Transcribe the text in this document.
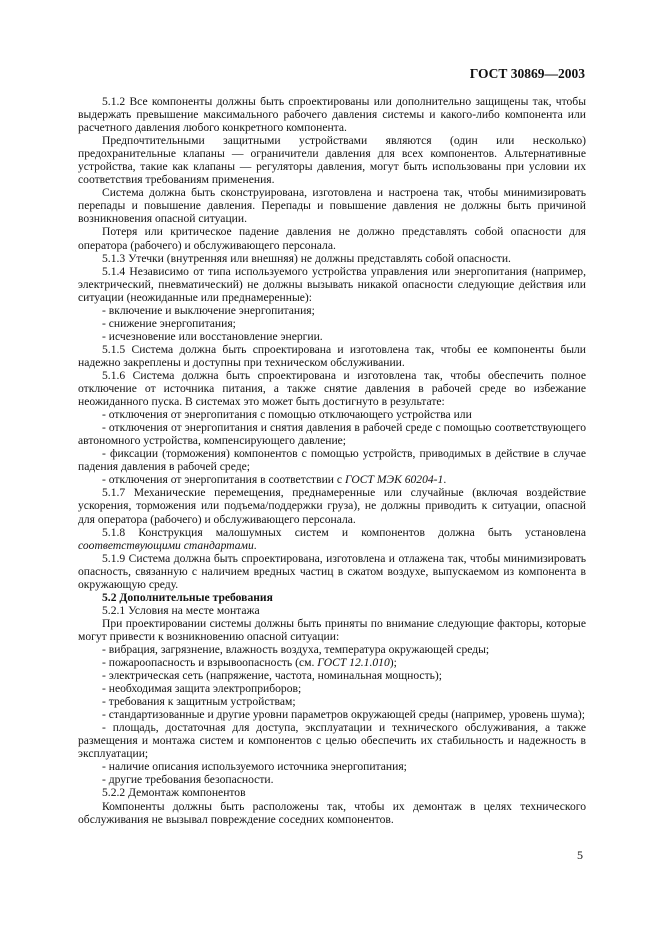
ГОСТ 30869—2003

5.1.2 Все компоненты должны быть спроектированы или дополнительно защищены так, чтобы выдержать превышение максимального рабочего давления системы и какого-либо компонента или расчетного давления любого конкретного компонента.

Предпочтительными защитными устройствами являются (один или несколько) предохранительные клапаны — ограничители давления для всех компонентов. Альтернативные устройства, такие как клапаны — регуляторы давления, могут быть использованы при условии их соответствия требованиям применения.

Система должна быть сконструирована, изготовлена и настроена так, чтобы минимизировать перепады и повышение давления. Перепады и повышение давления не должны быть причиной возникновения опасной ситуации.

Потеря или критическое падение давления не должно представлять собой опасности для оператора (рабочего) и обслуживающего персонала.

5.1.3 Утечки (внутренняя или внешняя) не должны представлять собой опасности.

5.1.4 Независимо от типа используемого устройства управления или энергопитания (например, электрический, пневматический) не должны вызывать никакой опасности следующие действия или ситуации (неожиданные или преднамеренные):

- включение и выключение энергопитания;

- снижение энергопитания;

- исчезновение или восстановление энергии.

5.1.5 Система должна быть спроектирована и изготовлена так, чтобы ее компоненты были надежно закреплены и доступны при техническом обслуживании.

5.1.6 Система должна быть спроектирована и изготовлена так, чтобы обеспечить полное отключение от источника питания, а также снятие давления в рабочей среде во избежание неожиданного пуска. В системах это может быть достигнуто в результате:

- отключения от энергопитания с помощью отключающего устройства или

- отключения от энергопитания и снятия давления в рабочей среде с помощью соответствующего автономного устройства, компенсирующего давление;

- фиксации (торможения) компонентов с помощью устройств, приводимых в действие в случае падения давления в рабочей среде;

- отключения от энергопитания в соответствии с ГОСТ МЭК 60204-1.

5.1.7 Механические перемещения, преднамеренные или случайные (включая воздействие ускорения, торможения или подъема/поддержки груза), не должны приводить к ситуации, опасной для оператора (рабочего) и обслуживающего персонала.

5.1.8 Конструкция малошумных систем и компонентов должна быть установлена соответствующими стандартами.

5.1.9 Система должна быть спроектирована, изготовлена и отлажена так, чтобы минимизировать опасность, связанную с наличием вредных частиц в сжатом воздухе, выпускаемом из компонента в окружающую среду.

5.2 Дополнительные требования

5.2.1 Условия на месте монтажа

При проектировании системы должны быть приняты по внимание следующие факторы, которые могут привести к возникновению опасной ситуации:

- вибрация, загрязнение, влажность воздуха, температура окружающей среды;

- пожароопасность и взрывоопасность (см. ГОСТ 12.1.010);

- электрическая сеть (напряжение, частота, номинальная мощность);

- необходимая защита электроприборов;

- требования к защитным устройствам;

- стандартизованные и другие уровни параметров окружающей среды (например, уровень шума);

- площадь, достаточная для доступа, эксплуатации и технического обслуживания, а также размещения и монтажа систем и компонентов с целью обеспечить их стабильность и надежность в эксплуатации;

- наличие описания используемого источника энергопитания;

- другие требования безопасности.

5.2.2 Демонтаж компонентов

Компоненты должны быть расположены так, чтобы их демонтаж в целях технического обслуживания не вызывал повреждение соседних компонентов.

5
